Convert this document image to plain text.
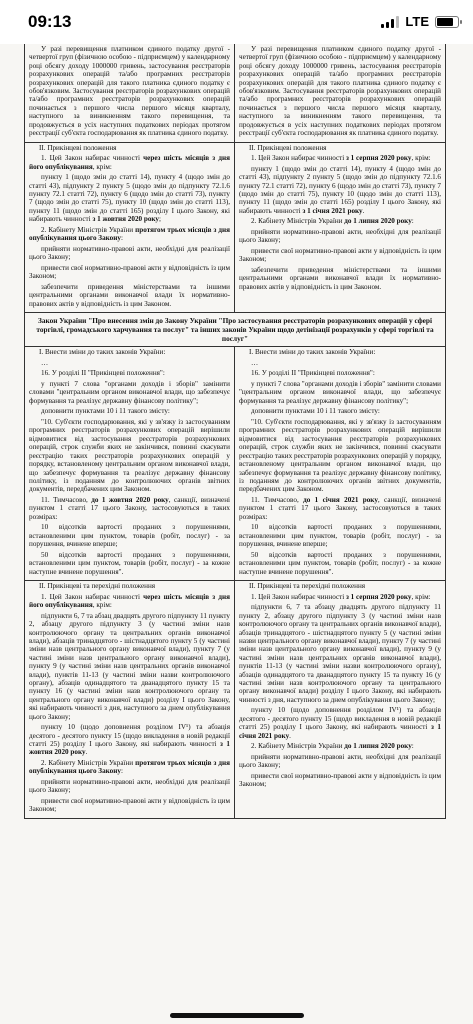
09:13	LTE
У разі перевищення платником єдиного податку другої - четвертої груп (фізичною особою - підприємцем) у календарному році обсягу доходу 1000000 гривень, застосування реєстраторів розрахункових операцій та/або програмних реєстраторів розрахункових операцій для такого платника єдиного податку є обов'язковим. Застосування реєстраторів розрахункових операцій та/або програмних реєстраторів розрахункових операцій починається з першого числа першого місяця кварталу, наступного за виникненням такого перевищення, та продовжується в усіх наступних податкових періодах протягом реєстрації суб'єкта господарювання як платника єдиного податку.
У разі перевищення платником єдиного податку другої - четвертої груп (фізичною особою - підприємцем) у календарному році обсягу доходу 1000000 гривень, застосування реєстраторів розрахункових операцій та/або програмних реєстраторів розрахункових операцій для такого платника єдиного податку є обов'язковим. Застосування реєстраторів розрахункових операцій та/або програмних реєстраторів розрахункових операцій починається з першого числа першого місяця кварталу, наступного за виникненням такого перевищення, та продовжується в усіх наступних податкових періодах протягом реєстрації суб'єкта господарювання як платника єдиного податку.
II. Прикінцеві положення
1. Цей Закон набирає чинності через шість місяців з дня його опублікування, крім:
пункту 1 (щодо змін до статті 14), пункту 4 (щодо змін до статті 43), підпункту 2 пункту 5 (щодо змін до підпункту 72.1.6 пункту 72.1 статті 72), пункту 6 (щодо змін до статті 73), пункту 7 (щодо змін до статті 75), пункту 10 (щодо змін до статті 113), пункту 11 (щодо змін до статті 165) розділу I цього Закону, які набирають чинності з 1 жовтня 2020 року;
2. Кабінету Міністрів України протягом трьох місяців з дня опублікування цього Закону:
прийняти нормативно-правові акти, необхідні для реалізації цього Закону;
привести свої нормативно-правові акти у відповідність із цим Законом;
забезпечити приведення міністерствами та іншими центральними органами виконавчої влади їх нормативно-правових актів у відповідність із цим Законом.
II. Прикінцеві положення
1. Цей Закон набирає чинності з 1 серпня 2020 року, крім:
пункту 1 (щодо змін до статті 14), пункту 4 (щодо змін до статті 43), підпункту 2 пункту 5 (щодо змін до підпункту 72.1.6 пункту 72.1 статті 72), пункту 6 (щодо змін до статті 73), пункту 7 (щодо змін до статті 75), пункту 10 (щодо змін до статті 113), пункту 11 (щодо змін до статті 165) розділу I цього Закону, які набирають чинності з 1 січня 2021 року.
2. Кабінету Міністрів України до 1 липня 2020 року:
прийняти нормативно-правові акти, необхідні для реалізації цього Закону;
привести свої нормативно-правові акти у відповідність із цим Законом;
забезпечити приведення міністерствами та іншими центральними органами виконавчої влади їх нормативно-правових актів у відповідність із цим Законом.
Закон України "Про внесення змін до Закону України "Про застосування реєстраторів розрахункових операцій у сфері торгівлі, громадського харчування та послуг" та інших законів України щодо детінізації розрахунків у сфері торгівлі та послуг"
I. Внести зміни до таких законів України:
…
16. У розділі II "Прикінцеві положення":
у пункті 7 слова "органами доходів і зборів" замінити словами "центральним органом виконавчої влади, що забезпечує формування та реалізує державну фінансову політику";
доповнити пунктами 10 і 11 такого змісту:
"10. Суб'єкти господарювання, які у зв'язку із застосуванням програмних реєстраторів розрахункових операцій вирішили відмовитися від застосування реєстраторів розрахункових операцій, строк служби яких не закінчився, повинні скасувати реєстрацію таких реєстраторів розрахункових операцій у порядку, встановленому центральним органом виконавчої влади, що забезпечує формування та реалізує державну фінансову політику, із поданням до контролюючих органів звітних документів, передбачених цим Законом.
11. Тимчасово, до 1 жовтня 2020 року, санкції, визначені пунктом 1 статті 17 цього Закону, застосовуються в таких розмірах:
10 відсотків вартості проданих з порушеннями, встановленими цим пунктом, товарів (робіт, послуг) - за порушення, вчинене вперше;
50 відсотків вартості проданих з порушеннями, встановленими цим пунктом, товарів (робіт, послуг) - за кожне наступне вчинене порушення".
I. Внести зміни до таких законів України:
…
16. У розділі II "Прикінцеві положення":
у пункті 7 слова "органами доходів і зборів" замінити словами "центральним органом виконавчої влади, що забезпечує формування та реалізує державну фінансову політику";
доповнити пунктами 10 і 11 такого змісту:
"10. Суб'єкти господарювання, які у зв'язку із застосуванням програмних реєстраторів розрахункових операцій вирішили відмовитися від застосування реєстраторів розрахункових операцій, строк служби яких не закінчився, повинні скасувати реєстрацію таких реєстраторів розрахункових операцій у порядку, встановленому центральним органом виконавчої влади, що забезпечує формування та реалізує державну фінансову політику, із поданням до контролюючих органів звітних документів, передбачених цим Законом.
11. Тимчасово, до 1 січня 2021 року, санкції, визначені пунктом 1 статті 17 цього Закону, застосовуються в таких розмірах:
10 відсотків вартості проданих з порушеннями, встановленими цим пунктом, товарів (робіт, послуг) - за порушення, вчинене вперше;
50 відсотків вартості проданих з порушеннями, встановленими цим пунктом, товарів (робіт, послуг) - за кожне наступне вчинене порушення".
II. Прикінцеві та перехідні положення
1. Цей Закон набирає чинності через шість місяців з дня його опублікування, крім:
підпункти 6, 7 та абзац двадцять другого підпункту 11 пункту 2, абзацу другого підпункту 3 (у частині зміни назв контролюючого органу та центральних органів виконавчої влади), абзаців тринадцятого - шістнадцятого пункту 5 (у частині зміни назв центрального органу виконавчої влади), пункту 7 (у частині зміни назв центрального органу виконавчої влади), пункту 9 (у частині зміни назв центральних органів виконавчої влади), пунктів 11-13 (у частині зміни назви контролюючого органу), абзаців одинадцятого та дванадцятого пункту 15 та пункту 16 (у частині зміни назв контролюючого органу та центрального органу виконавчої влади) розділу I цього Закону, які набирають чинності з дня, наступного за днем опублікування цього Закону;
пункту 10 (щодо доповнення розділом IV¹) та абзація десятого - десятого пункту 15 (щодо викладення в новій редакції статті 25) розділу I цього Закону, які набирають чинності з 1 жовтня 2020 року.
2. Кабінету Міністрів України протягом трьох місяців з дня опублікування цього Закону:
прийняти нормативно-правові акти, необхідні для реалізації цього Закону;
привести свої нормативно-правові акти у відповідність із цим Законом;
II. Прикінцеві та перехідні положення
1. Цей Закон набирає чинності з 1 серпня 2020 року, крім:
підпункти 6, 7 та абзацу двадцять другого підпункту 11 пункту 2, абзацу другого підпункту 3 (у частині зміни назв контролюючого органу та центральних органів виконавчої влади), абзаців тринадцятого - шістнадцятого пункту 5 (у частині зміни назви центрального органу виконавчої влади), пункту 7 (у частині зміни назв центрального органу виконавчої влади), пункту 9 (у частині зміни назв центральних органів виконавчої влади), пунктів 11-13 (у частині зміни назви контролюючого органу), абзаців одинадцятого та дванадцятого пункту 15 та пункту 16 (у частині зміни назв контролюючого органу та центрального органу виконавчої влади) розділу I цього Закону, які набирають чинності з дня, наступного за днем опублікування цього Закону;
пункту 10 (щодо доповнення розділом IV¹) та абзаців десятого - десятого пункту 15 (щодо викладення в новій редакції статті 25) розділу I цього Закону, які набирають чинності з 1 січня 2021 року.
2. Кабінету Міністрів України до 1 липня 2020 року:
прийняти нормативно-правові акти, необхідні для реалізації цього Закону;
привести свої нормативно-правові акти у відповідність із цим Законом;
